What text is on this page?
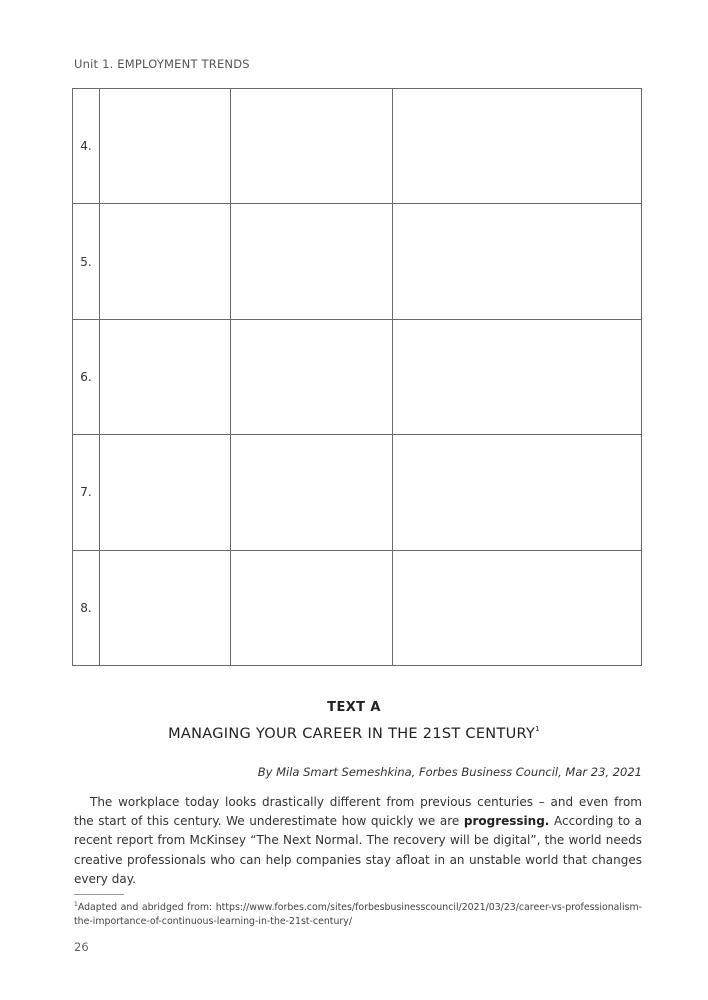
Unit 1. EMPLOYMENT TRENDS
4.			
5.			
6.			
7.			
8.			
TEXT A
MANAGING YOUR CAREER IN THE 21ST CENTURY$^1$
By Mila Smart Semeshkina, Forbes Business Council, Mar 23, 2021

The workplace today looks drastically different from previous centuries – and even from the start of this century. We underestimate how quickly we are progressing. According to a recent report from McKinsey “The Next Normal. The recovery will be digital”, the world needs creative professionals who can help companies stay afloat in an unstable world that changes every day.

$^1$Adapted and abridged from: https://www.forbes.com/sites/forbesbusinesscouncil/2021/03/23/career-vs-professionalism-the-importance-of-continuous-learning-in-the-21st-century/

26
